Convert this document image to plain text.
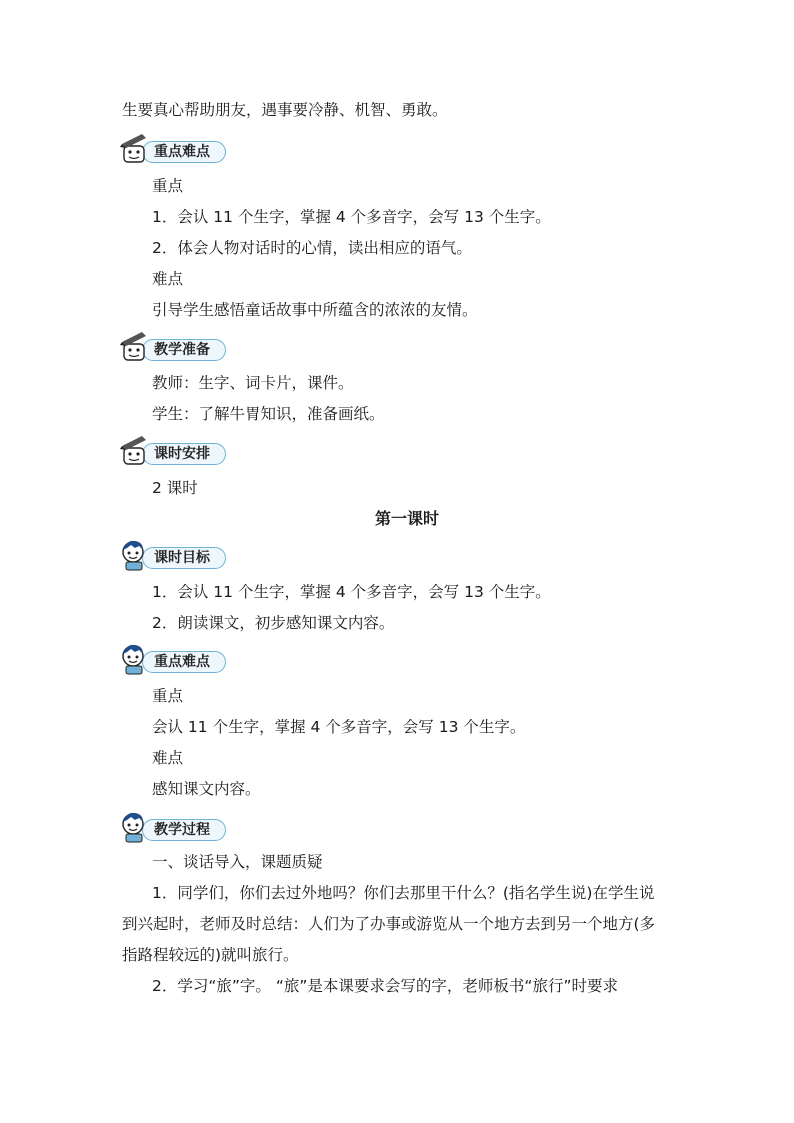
生要真心帮助朋友，遇事要冷静、机智、勇敢。
重点难点
重点
1．会认 11 个生字，掌握 4 个多音字，会写 13 个生字。
2．体会人物对话时的心情，读出相应的语气。
难点
引导学生感悟童话故事中所蕴含的浓浓的友情。
教学准备
教师：生字、词卡片，课件。
学生：了解牛胃知识，准备画纸。
课时安排
2 课时
第一课时
课时目标
1．会认 11 个生字，掌握 4 个多音字，会写 13 个生字。
2．朗读课文，初步感知课文内容。
重点难点
重点
会认 11 个生字，掌握 4 个多音字，会写 13 个生字。
难点
感知课文内容。
教学过程
一、谈话导入，课题质疑
1．同学们，你们去过外地吗？你们去那里干什么？(指名学生说)在学生说
到兴起时，老师及时总结：人们为了办事或游览从一个地方去到另一个地方(多
指路程较远的)就叫旅行。
2．学习“旅”字。 “旅”是本课要求会写的字，老师板书“旅行”时要求
